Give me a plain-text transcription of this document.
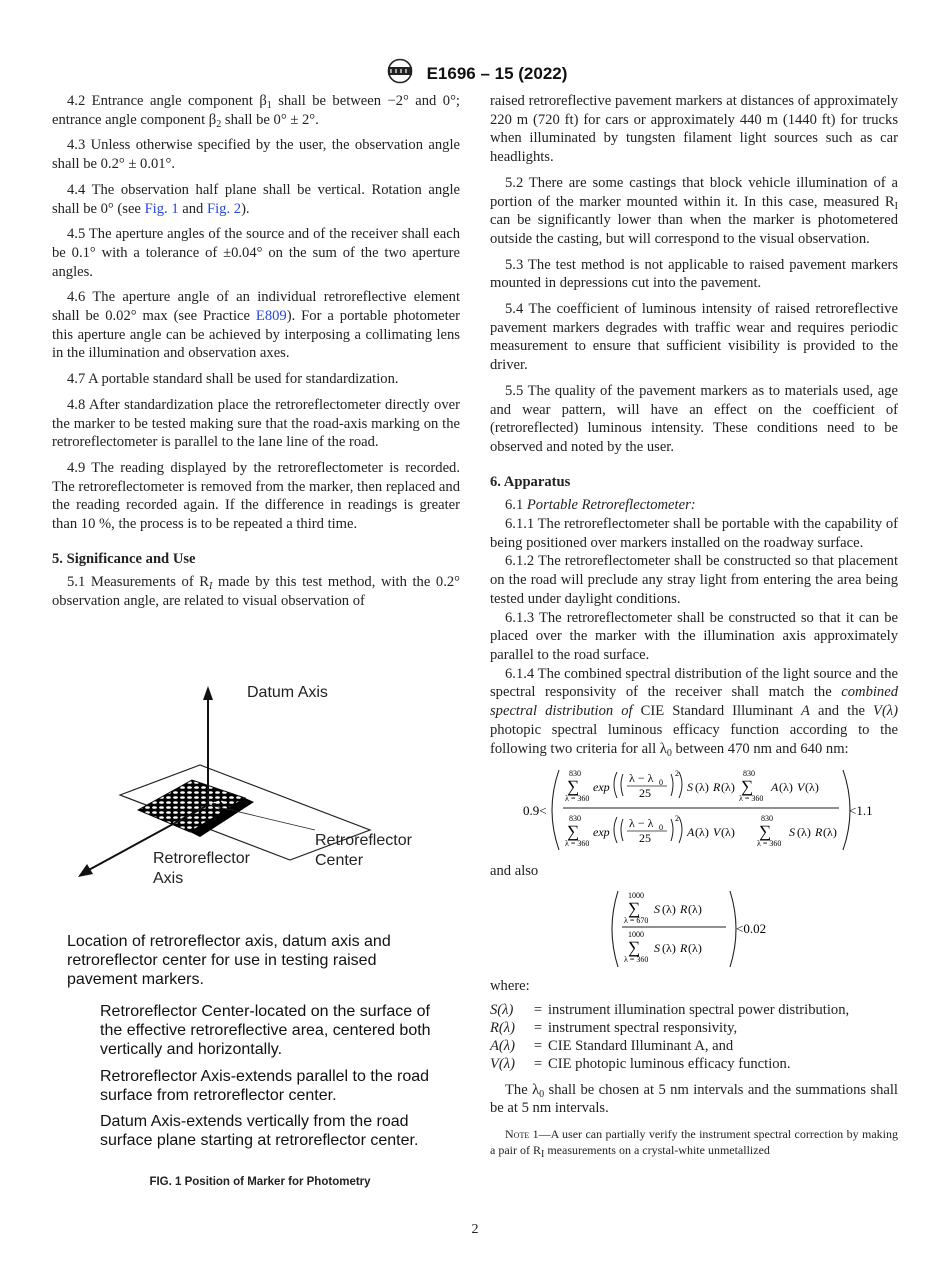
E1696 – 15 (2022)

4.2 Entrance angle component $\beta_1$ shall be between −2° and 0°; entrance angle component $\beta_2$ shall be 0° ± 2°.

4.3 Unless otherwise specified by the user, the observation angle shall be 0.2° ± 0.01°.

4.4 The observation half plane shall be vertical. Rotation angle shall be 0° (see Fig. 1 and Fig. 2).

4.5 The aperture angles of the source and of the receiver shall each be 0.1° with a tolerance of ±0.04° on the sum of the two aperture angles.

4.6 The aperture angle of an individual retroreflective element shall be 0.02° max (see Practice E809). For a portable photometer this aperture angle can be achieved by interposing a collimating lens in the illumination and observation axes.

4.7 A portable standard shall be used for standardization.

4.8 After standardization place the retroreflectometer directly over the marker to be tested making sure that the road-axis marking on the retroreflectometer is parallel to the lane line of the road.

4.9 The reading displayed by the retroreflectometer is recorded. The retroreflectometer is removed from the marker, then replaced and the reading recorded again. If the difference in readings is greater than 10 %, the process is to be repeated a third time.

5. Significance and Use

5.1 Measurements of $R_I$ made by this test method, with the 0.2° observation angle, are related to visual observation of

Datum Axis
Retroreflector
Center
Retroreflector
Axis
Location of retroreflector axis, datum axis and retroreflector center for use in testing raised pavement markers.
Retroreflector Center-located on the surface of the effective retroreflective area, centered both vertically and horizontally.
Retroreflector Axis-extends parallel to the road surface from retroreflector center.
Datum Axis-extends vertically from the road surface plane starting at retroreflector center.
FIG. 1 Position of Marker for Photometry

raised retroreflective pavement markers at distances of approximately 220 m (720 ft) for cars or approximately 440 m (1440 ft) for trucks when illuminated by tungsten filament light sources such as car headlights.

5.2 There are some castings that block vehicle illumination of a portion of the marker mounted within it. In this case, measured $R_I$ can be significantly lower than when the marker is photometered outside the casting, but will correspond to the visual observation.

5.3 The test method is not applicable to raised pavement markers mounted in depressions cut into the pavement.

5.4 The coefficient of luminous intensity of raised retroreflective pavement markers degrades with traffic wear and requires periodic measurement to ensure that sufficient visibility is provided to the driver.

5.5 The quality of the pavement markers as to materials used, age and wear pattern, will have an effect on the coefficient of (retroreflected) luminous intensity. These conditions need to be observed and noted by the user.

6. Apparatus

6.1 Portable Retroreflectometer:

6.1.1 The retroreflectometer shall be portable with the capability of being positioned over markers installed on the roadway surface.

6.1.2 The retroreflectometer shall be constructed so that placement on the road will preclude any stray light from entering the area being tested under daylight conditions.

6.1.3 The retroreflectometer shall be constructed so that it can be placed over the marker with the illumination axis approximately parallel to the road surface.

6.1.4 The combined spectral distribution of the light source and the spectral responsivity of the receiver shall match the combined spectral distribution of CIE Standard Illuminant A and the V(λ) photopic spectral luminous efficacy function according to the following two criteria for all $\lambda_0$ between 470 nm and 640 nm:

0.9<
830
∑
λ = 360
exp
λ − λ 0
25
2
S (λ) R (λ)
830
∑
λ = 360
A (λ) V (λ)
830
∑
λ = 360
exp
λ − λ 0
25
2
A (λ) V (λ)
830
∑
λ = 360
S (λ) R (λ)
<1.1

and also

1000
∑
λ = 670
S (λ) R (λ)
1000
∑
λ = 360
S (λ) R (λ)
<0.02

where:

S(λ)	= instrument illumination spectral power distribution,
R(λ)	= instrument spectral responsivity,
A(λ)	= CIE Standard Illuminant A, and
V(λ)	= CIE photopic luminous efficacy function.

The $\lambda_0$ shall be chosen at 5 nm intervals and the summations shall be at 5 nm intervals.

Note 1—A user can partially verify the instrument spectral correction by making a pair of $R_I$ measurements on a crystal-white unmetallized
2
